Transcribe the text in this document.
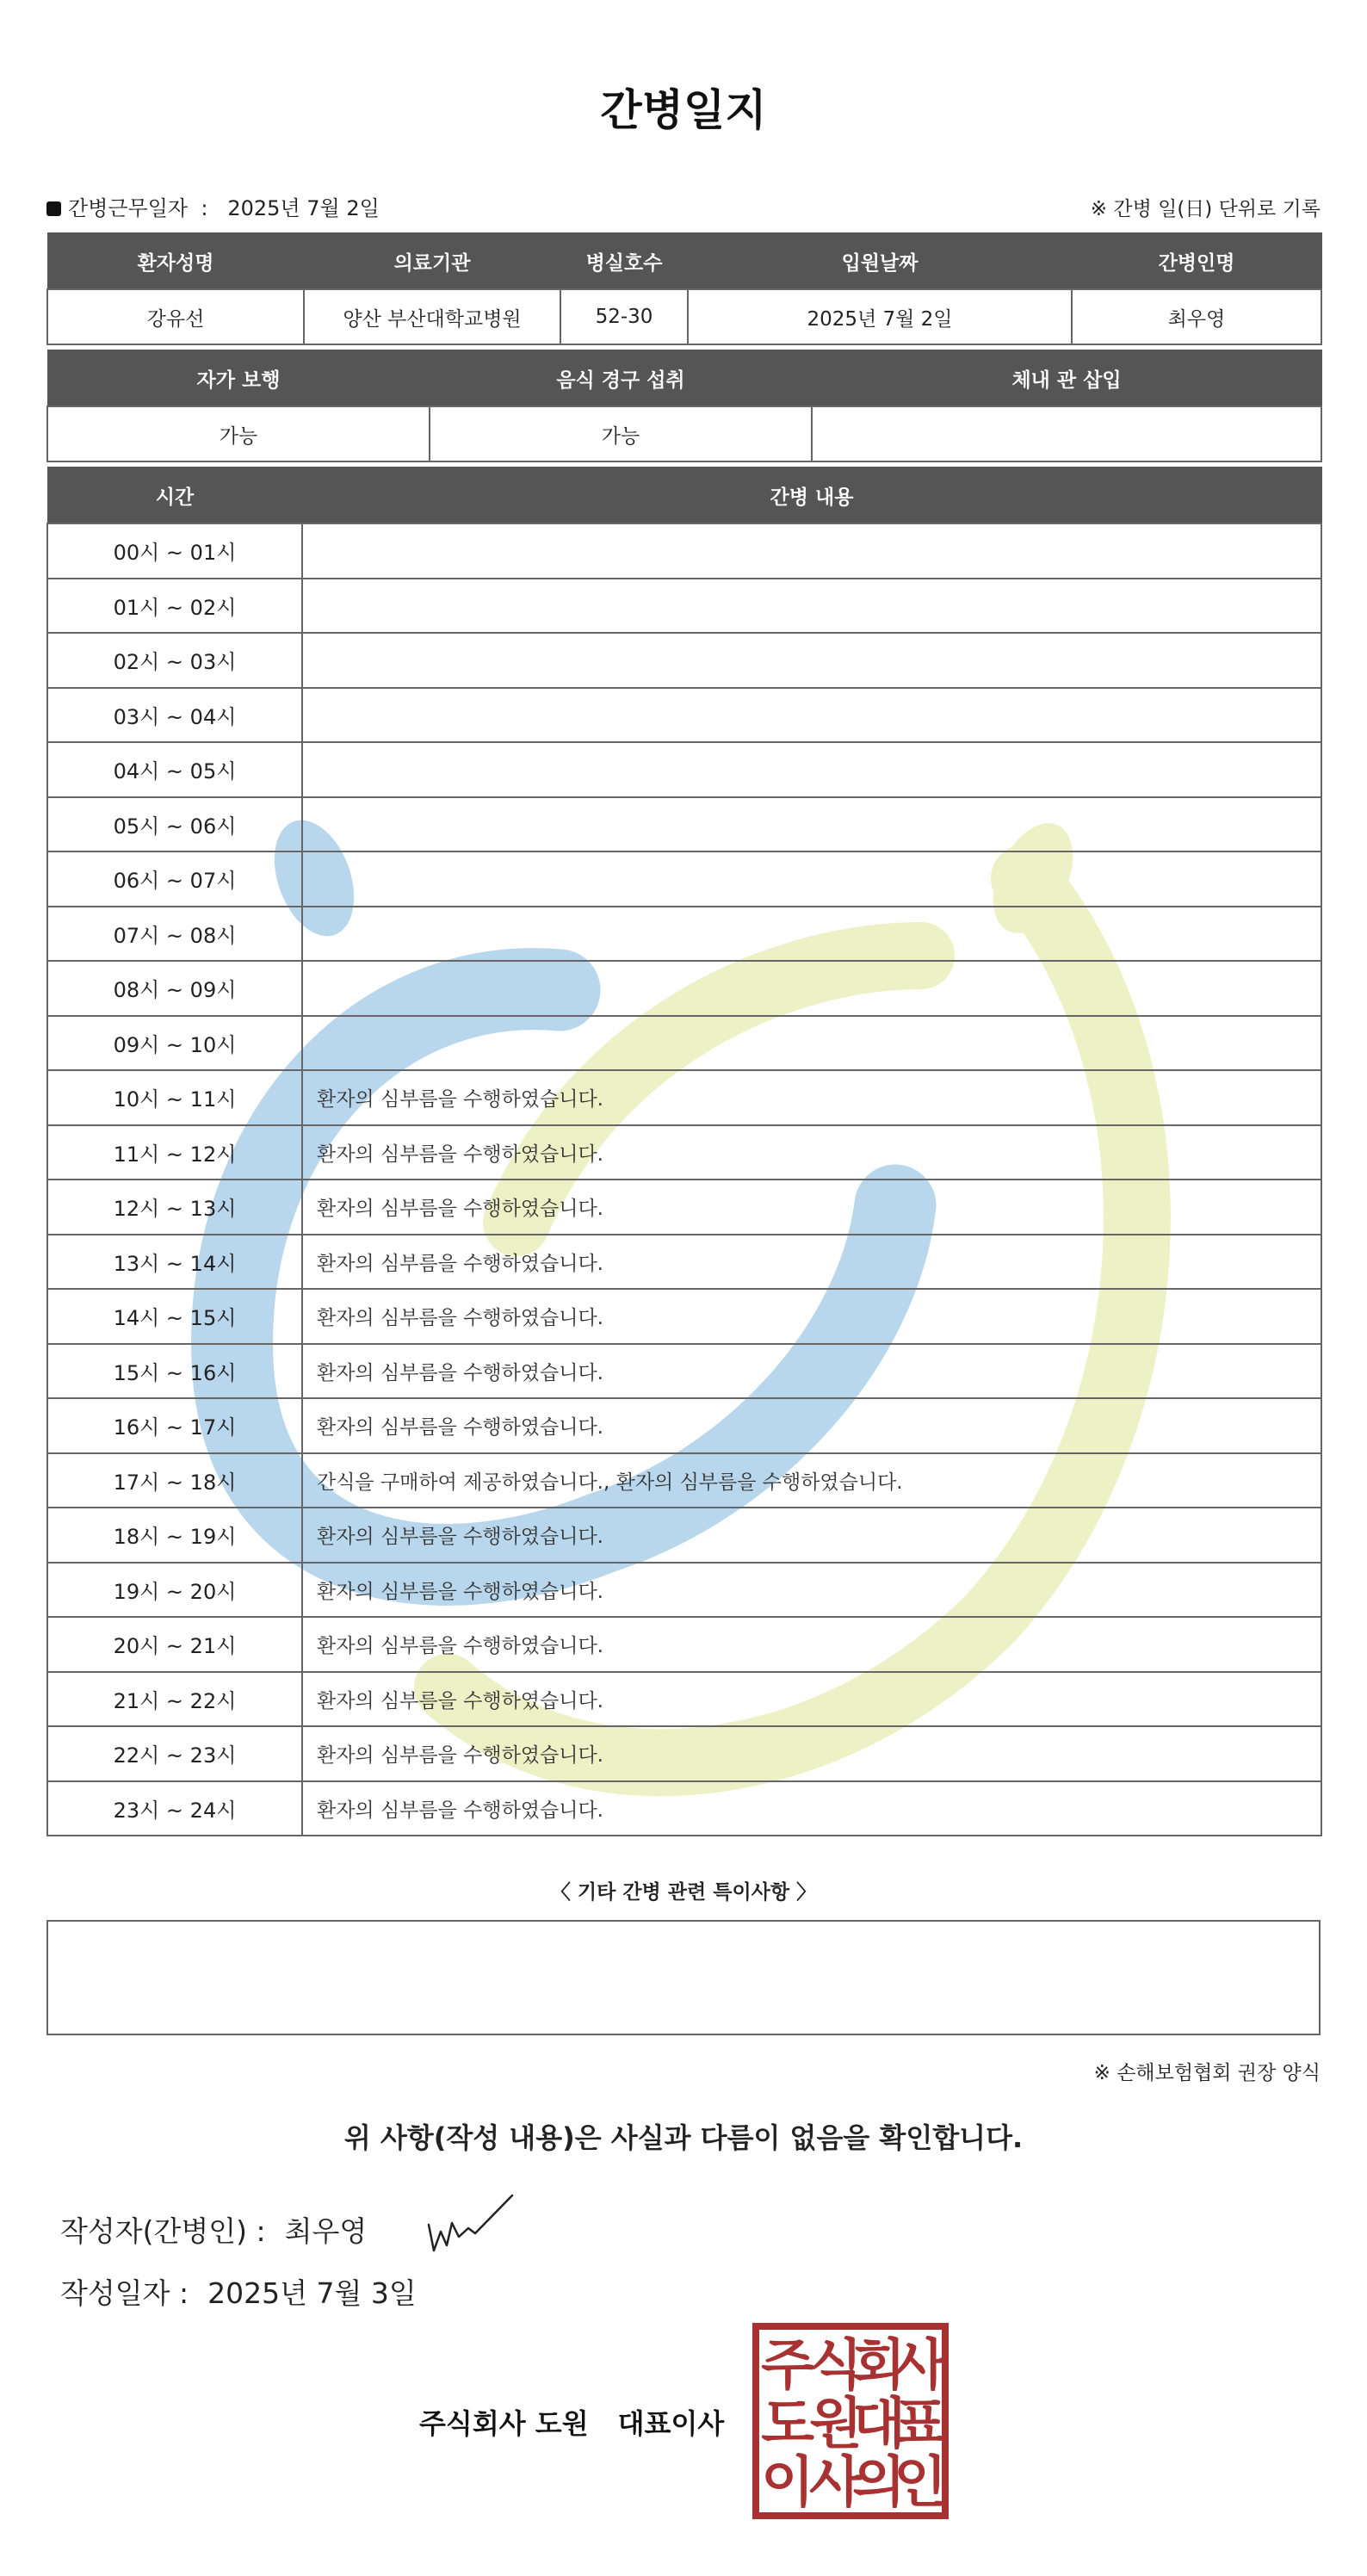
간병일지
간병근무일자 : 2025년 7월 2일	※ 간병 일(日) 단위로 기록
환자성명	의료기관	병실호수	입원날짜	간병인명
강유선	양산 부산대학교병원	52-30	2025년 7월 2일	최우영
자가 보행	음식 경구 섭취	체내 관 삽입
가능	가능	
시간	간병 내용
00시 ~ 01시	
01시 ~ 02시	
02시 ~ 03시	
03시 ~ 04시	
04시 ~ 05시	
05시 ~ 06시	
06시 ~ 07시	
07시 ~ 08시	
08시 ~ 09시	
09시 ~ 10시	
10시 ~ 11시	환자의 심부름을 수행하였습니다.
11시 ~ 12시	환자의 심부름을 수행하였습니다.
12시 ~ 13시	환자의 심부름을 수행하였습니다.
13시 ~ 14시	환자의 심부름을 수행하였습니다.
14시 ~ 15시	환자의 심부름을 수행하였습니다.
15시 ~ 16시	환자의 심부름을 수행하였습니다.
16시 ~ 17시	환자의 심부름을 수행하였습니다.
17시 ~ 18시	간식을 구매하여 제공하였습니다., 환자의 심부름을 수행하였습니다.
18시 ~ 19시	환자의 심부름을 수행하였습니다.
19시 ~ 20시	환자의 심부름을 수행하였습니다.
20시 ~ 21시	환자의 심부름을 수행하였습니다.
21시 ~ 22시	환자의 심부름을 수행하였습니다.
22시 ~ 23시	환자의 심부름을 수행하였습니다.
23시 ~ 24시	환자의 심부름을 수행하였습니다.
〈 기타 간병 관련 특이사항 〉
※ 손해보험협회 권장 양식
위 사항(작성 내용)은 사실과 다름이 없음을 확인합니다.
작성자(간병인) : 최우영
작성일자 : 2025년 7월 3일
주식회사 도원 대표이사
주
식
회
사
도
원
대
표
이
사
의
인
